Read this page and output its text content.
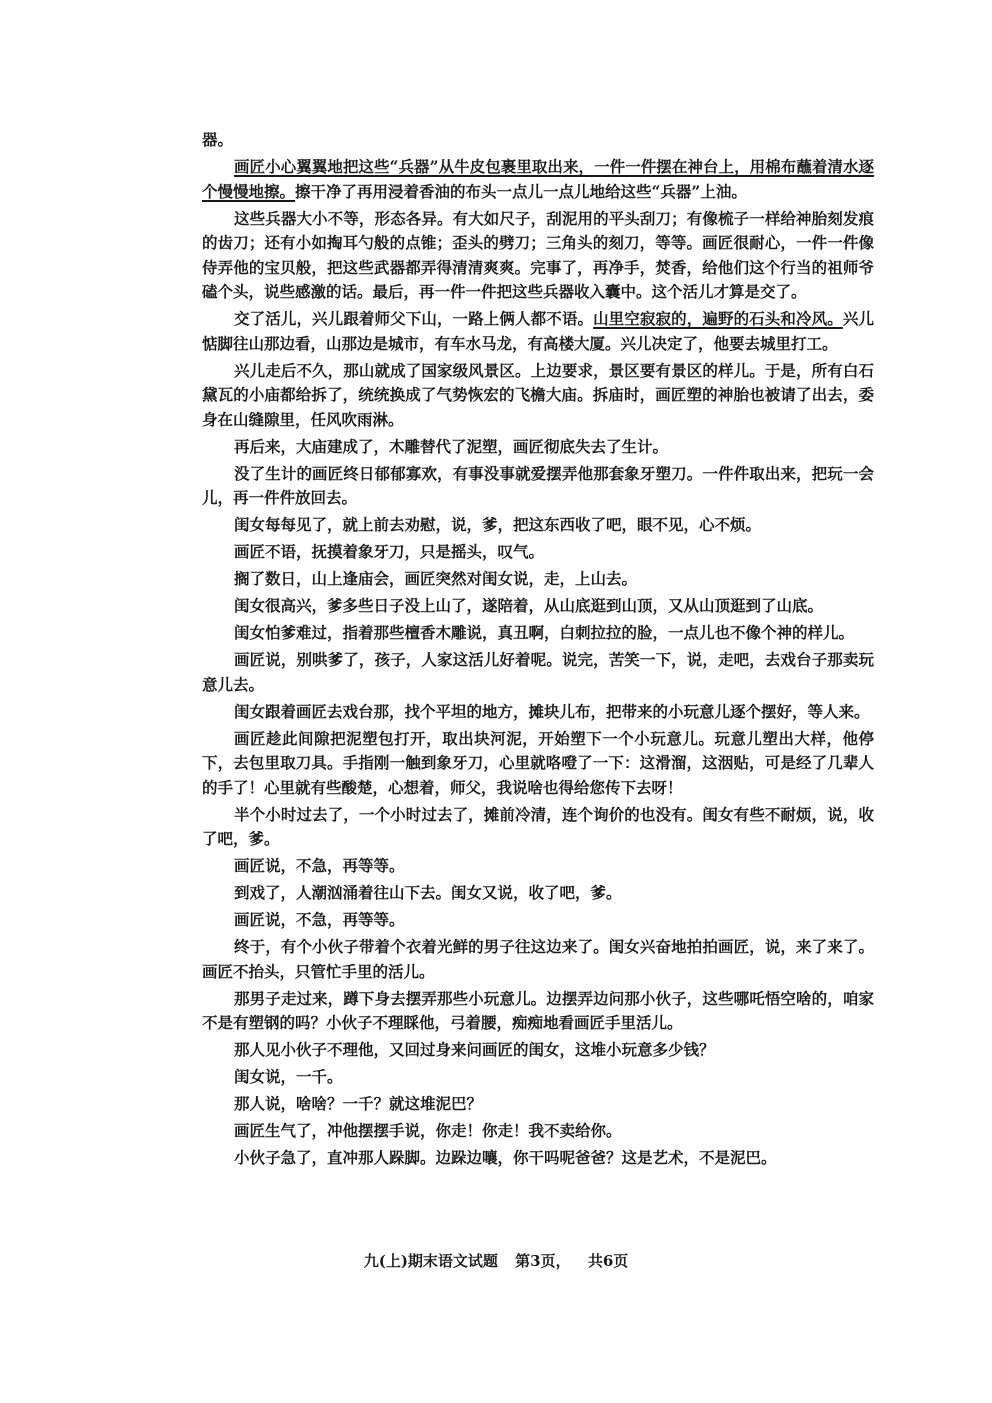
器。

画匠小心翼翼地把这些“兵器”从牛皮包裹里取出来，一件一件摆在神台上，用棉布蘸着清水逐个慢慢地擦。擦干净了再用浸着香油的布头一点儿一点儿地给这些“兵器”上油。

这些兵器大小不等，形态各异。有大如尺子，刮泥用的平头刮刀；有像梳子一样给神胎刻发痕的齿刀；还有小如掏耳勺般的点锥；歪头的劈刀；三角头的刻刀，等等。画匠很耐心，一件一件像侍弄他的宝贝般，把这些武器都弄得清清爽爽。完事了，再净手，焚香，给他们这个行当的祖师爷磕个头，说些感激的话。最后，再一件一件把这些兵器收入囊中。这个活儿才算是交了。

交了活儿，兴儿跟着师父下山，一路上俩人都不语。山里空寂寂的，遍野的石头和冷风。兴儿惦脚往山那边看，山那边是城市，有车水马龙，有高楼大厦。兴儿决定了，他要去城里打工。

兴儿走后不久，那山就成了国家级风景区。上边要求，景区要有景区的样儿。于是，所有白石黛瓦的小庙都给拆了，统统换成了气势恢宏的飞檐大庙。拆庙时，画匠塑的神胎也被请了出去，委身在山缝隙里，任风吹雨淋。

再后来，大庙建成了，木雕替代了泥塑，画匠彻底失去了生计。

没了生计的画匠终日郁郁寡欢，有事没事就爱摆弄他那套象牙塑刀。一件件取出来，把玩一会儿，再一件件放回去。

闺女每每见了，就上前去劝慰，说，爹，把这东西收了吧，眼不见，心不烦。

画匠不语，抚摸着象牙刀，只是摇头，叹气。

搁了数日，山上逢庙会，画匠突然对闺女说，走，上山去。

闺女很高兴，爹多些日子没上山了，遂陪着，从山底逛到山顶，又从山顶逛到了山底。

闺女怕爹难过，指着那些檀香木雕说，真丑啊，白刺拉拉的脸，一点儿也不像个神的样儿。

画匠说，别哄爹了，孩子，人家这活儿好着呢。说完，苦笑一下，说，走吧，去戏台子那卖玩意儿去。

闺女跟着画匠去戏台那，找个平坦的地方，摊块儿布，把带来的小玩意儿逐个摆好，等人来。

画匠趁此间隙把泥塑包打开，取出块河泥，开始塑下一个小玩意儿。玩意儿塑出大样，他停下，去包里取刀具。手指刚一触到象牙刀，心里就咯噔了一下：这滑溜，这洇贴，可是经了几辈人的手了！心里就有些酸楚，心想着，师父，我说啥也得给您传下去呀！

半个小时过去了，一个小时过去了，摊前冷清，连个询价的也没有。闺女有些不耐烦，说，收了吧，爹。

画匠说，不急，再等等。

到戏了，人潮汹涌着往山下去。闺女又说，收了吧，爹。

画匠说，不急，再等等。

终于，有个小伙子带着个衣着光鲜的男子往这边来了。闺女兴奋地拍拍画匠，说，来了来了。画匠不抬头，只管忙手里的活儿。

那男子走过来，蹲下身去摆弄那些小玩意儿。边摆弄边问那小伙子，这些哪吒悟空啥的，咱家不是有塑钢的吗？小伙子不理睬他，弓着腰，痴痴地看画匠手里活儿。

那人见小伙子不理他，又回过身来问画匠的闺女，这堆小玩意多少钱？

闺女说，一千。

那人说，啥啥？一千？就这堆泥巴？

画匠生气了，冲他摆摆手说，你走！你走！我不卖给你。

小伙子急了，直冲那人跺脚。边跺边嚷，你干吗呢爸爸？这是艺术，不是泥巴。

九(上)期末语文试题 第3页， 共6页
